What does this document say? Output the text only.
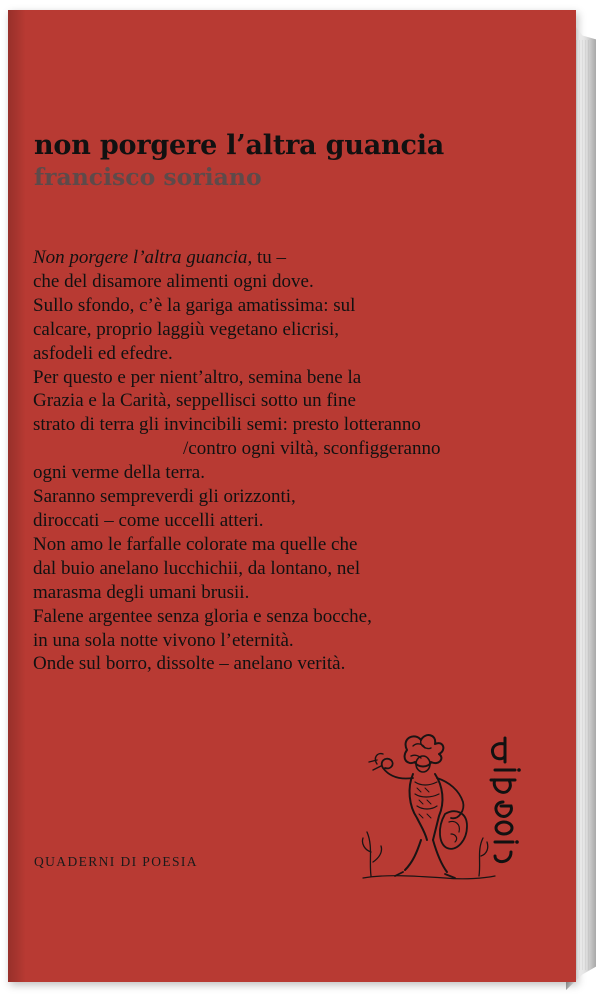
non porgere l’altra guancia
francisco soriano
Non porgere l’altra guancia, tu –
che del disamore alimenti ogni dove.
Sullo sfondo, c’è la gariga amatissima: sul
calcare, proprio laggiù vegetano elicrisi,
asfodeli ed efedre.
Per questo e per nient’altro, semina bene la
Grazia e la Carità, seppellisci sotto un fine
strato di terra gli invincibili semi: presto lotteranno
/contro ogni viltà, sconfiggeranno
ogni verme della terra.
Saranno sempreverdi gli orizzonti,
diroccati – come uccelli atteri.
Non amo le farfalle colorate ma quelle che
dal buio anelano lucchichii, da lontano, nel
marasma degli umani brusii.
Falene argentee senza gloria e senza bocche,
in una sola notte vivono l’eternità.
Onde sul borro, dissolte – anelano verità.
QUADERNI DI POESIA
